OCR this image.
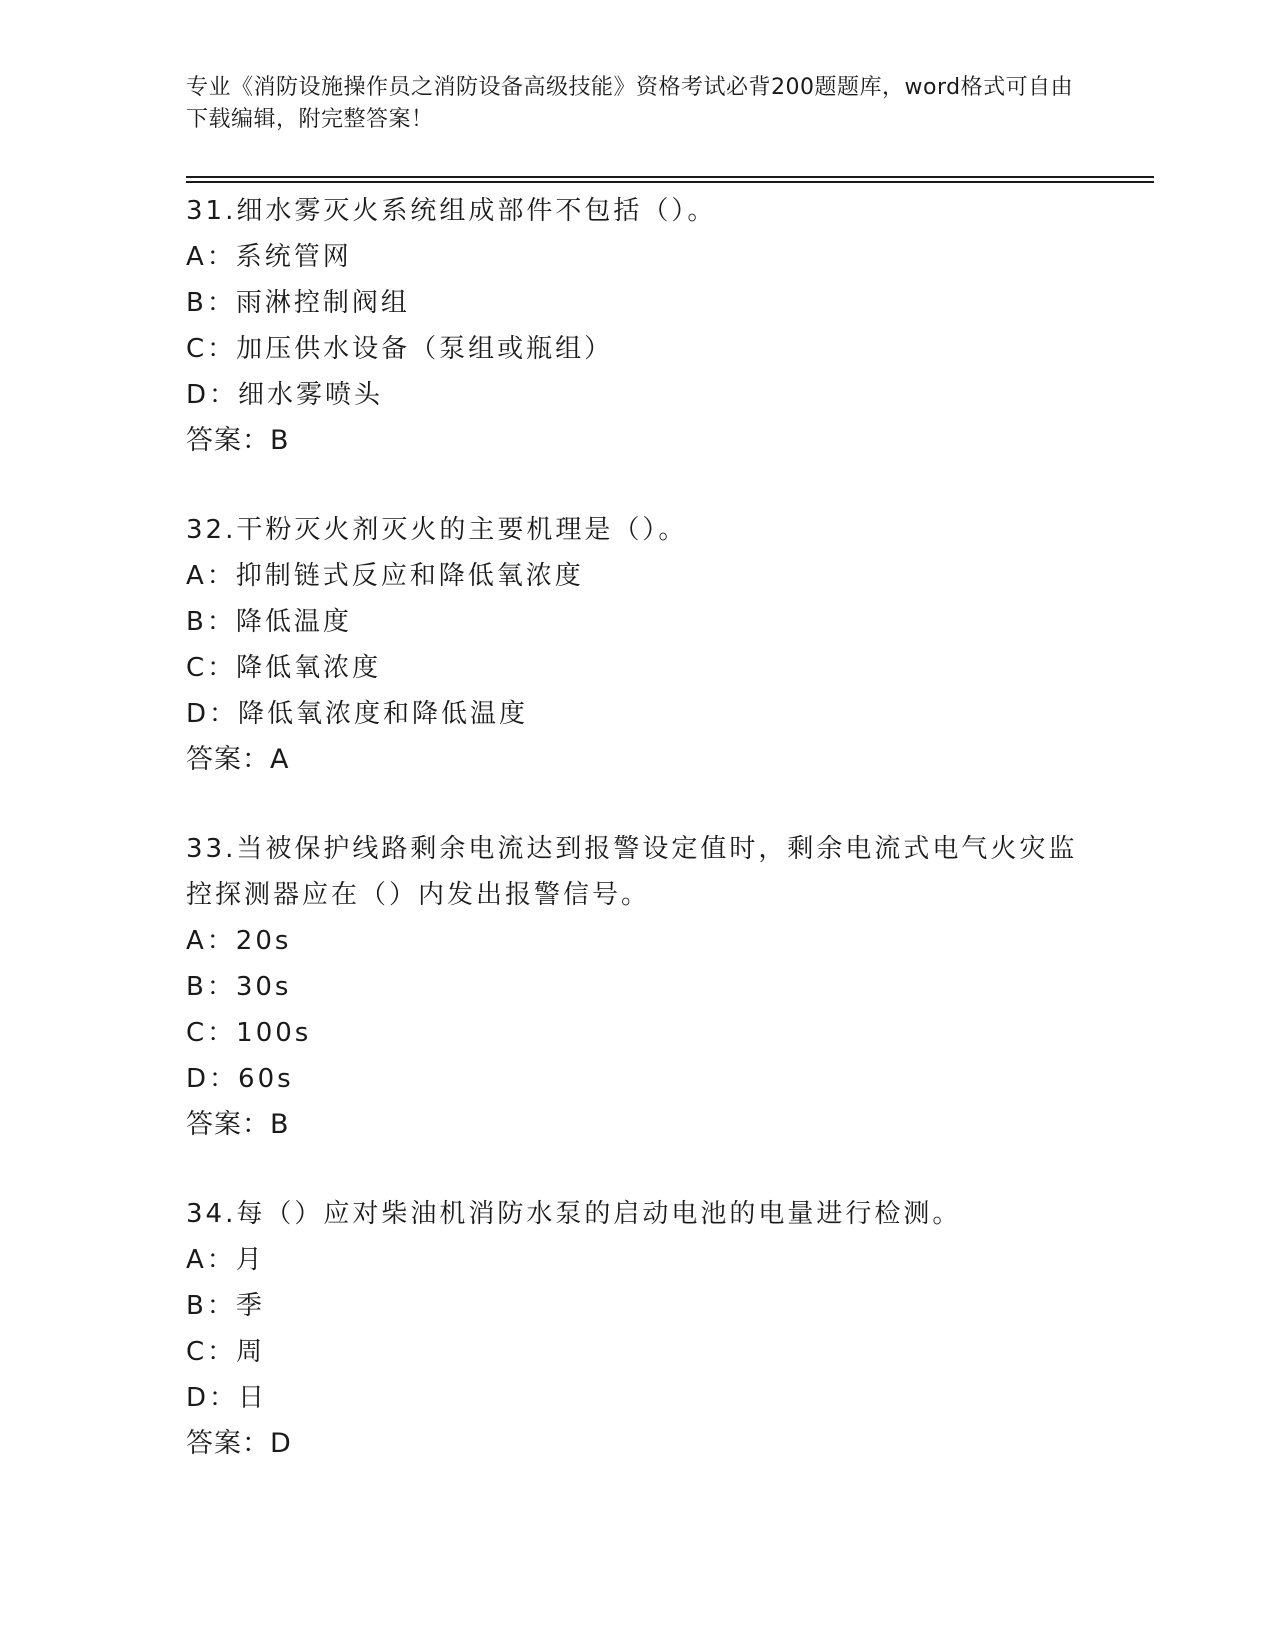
专业《消防设施操作员之消防设备高级技能》资格考试必背200题题库，word格式可自由下载编辑，附完整答案！

31.细水雾灭火系统组成部件不包括（）。

A：系统管网

B：雨淋控制阀组

C：加压供水设备（泵组或瓶组）

D：细水雾喷头

答案：B

32.干粉灭火剂灭火的主要机理是（）。

A：抑制链式反应和降低氧浓度

B：降低温度

C：降低氧浓度

D：降低氧浓度和降低温度

答案：A

33.当被保护线路剩余电流达到报警设定值时，剩余电流式电气火灾监控探测器应在（）内发出报警信号。

A：20s

B：30s

C：100s

D：60s

答案：B

34.每（）应对柴油机消防水泵的启动电池的电量进行检测。

A：月

B：季

C：周

D：日

答案：D
